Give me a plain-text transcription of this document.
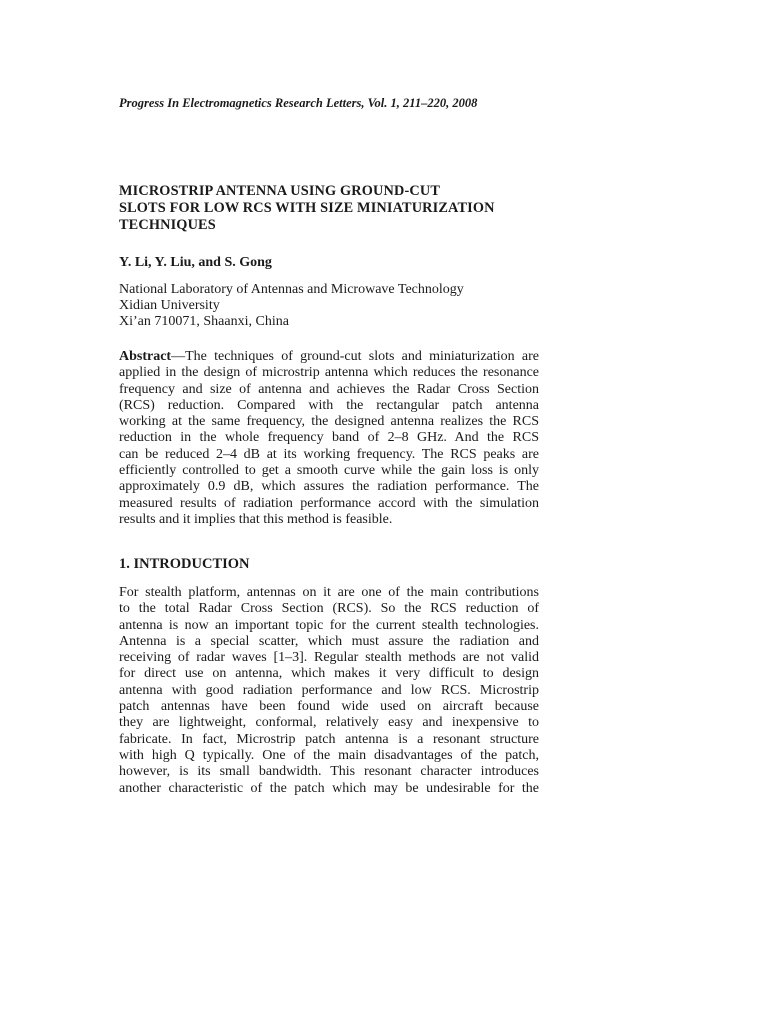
Progress In Electromagnetics Research Letters, Vol. 1, 211–220, 2008
MICROSTRIP ANTENNA USING GROUND-CUT
SLOTS FOR LOW RCS WITH SIZE MINIATURIZATION
TECHNIQUES
Y. Li, Y. Liu, and S. Gong
National Laboratory of Antennas and Microwave Technology
Xidian University
Xi’an 710071, Shaanxi, China
Abstract—The techniques of ground-cut slots and miniaturization are
applied in the design of microstrip antenna which reduces the resonance
frequency and size of antenna and achieves the Radar Cross Section
(RCS) reduction. Compared with the rectangular patch antenna
working at the same frequency, the designed antenna realizes the RCS
reduction in the whole frequency band of 2–8 GHz. And the RCS
can be reduced 2–4 dB at its working frequency. The RCS peaks are
efficiently controlled to get a smooth curve while the gain loss is only
approximately 0.9 dB, which assures the radiation performance. The
measured results of radiation performance accord with the simulation
results and it implies that this method is feasible.
1. INTRODUCTION
For stealth platform, antennas on it are one of the main contributions
to the total Radar Cross Section (RCS). So the RCS reduction of
antenna is now an important topic for the current stealth technologies.
Antenna is a special scatter, which must assure the radiation and
receiving of radar waves [1–3]. Regular stealth methods are not valid
for direct use on antenna, which makes it very difficult to design
antenna with good radiation performance and low RCS. Microstrip
patch antennas have been found wide used on aircraft because
they are lightweight, conformal, relatively easy and inexpensive to
fabricate. In fact, Microstrip patch antenna is a resonant structure
with high Q typically. One of the main disadvantages of the patch,
however, is its small bandwidth. This resonant character introduces
another characteristic of the patch which may be undesirable for the
